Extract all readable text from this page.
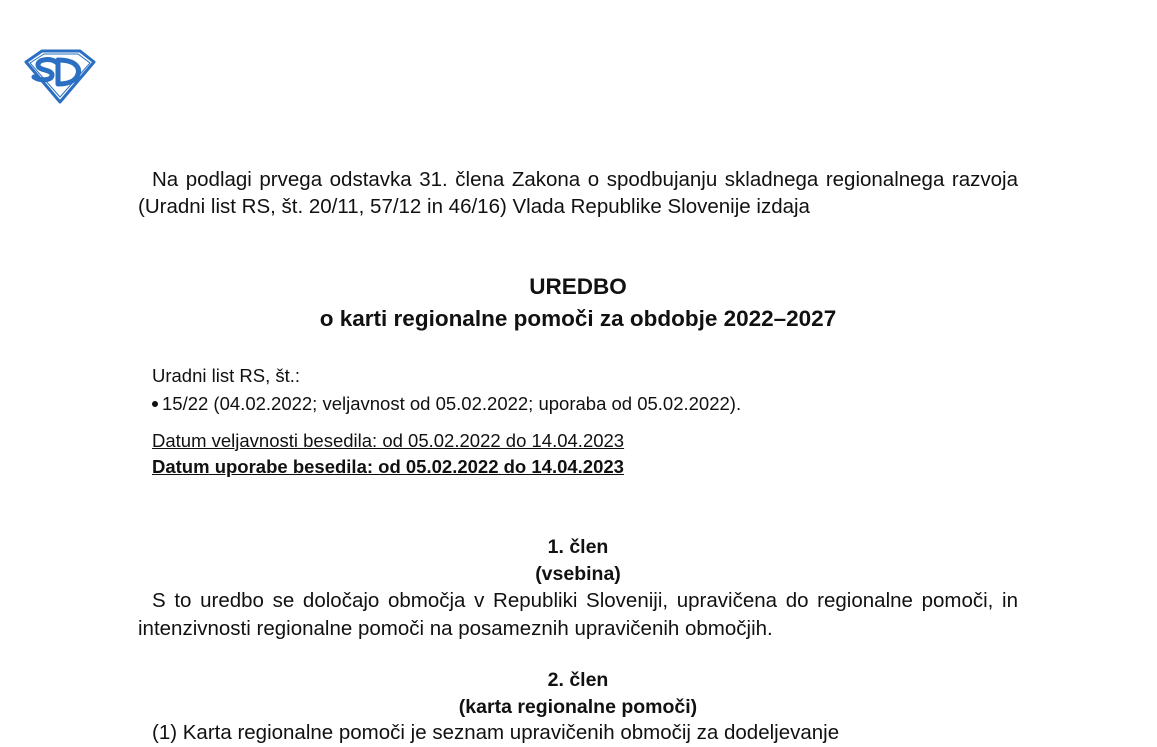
Na podlagi prvega odstavka 31. člena Zakona o spodbujanju skladnega regionalnega razvoja (Uradni list RS, št. 20/11, 57/12 in 46/16) Vlada Republike Slovenije izdaja

UREDBO
o karti regionalne pomoči za obdobje 2022–2027

Uradni list RS, št.:

15/22 (04.02.2022; veljavnost od 05.02.2022; uporaba od 05.02.2022).

Datum veljavnosti besedila: od 05.02.2022 do 14.04.2023

Datum uporabe besedila: od 05.02.2022 do 14.04.2023

1. člen
(vsebina)

S to uredbo se določajo območja v Republiki Sloveniji, upravičena do regionalne pomoči, in intenzivnosti regionalne pomoči na posameznih upravičenih območjih.

2. člen
(karta regionalne pomoči)

(1) Karta regionalne pomoči je seznam upravičenih območij za dodeljevanje
